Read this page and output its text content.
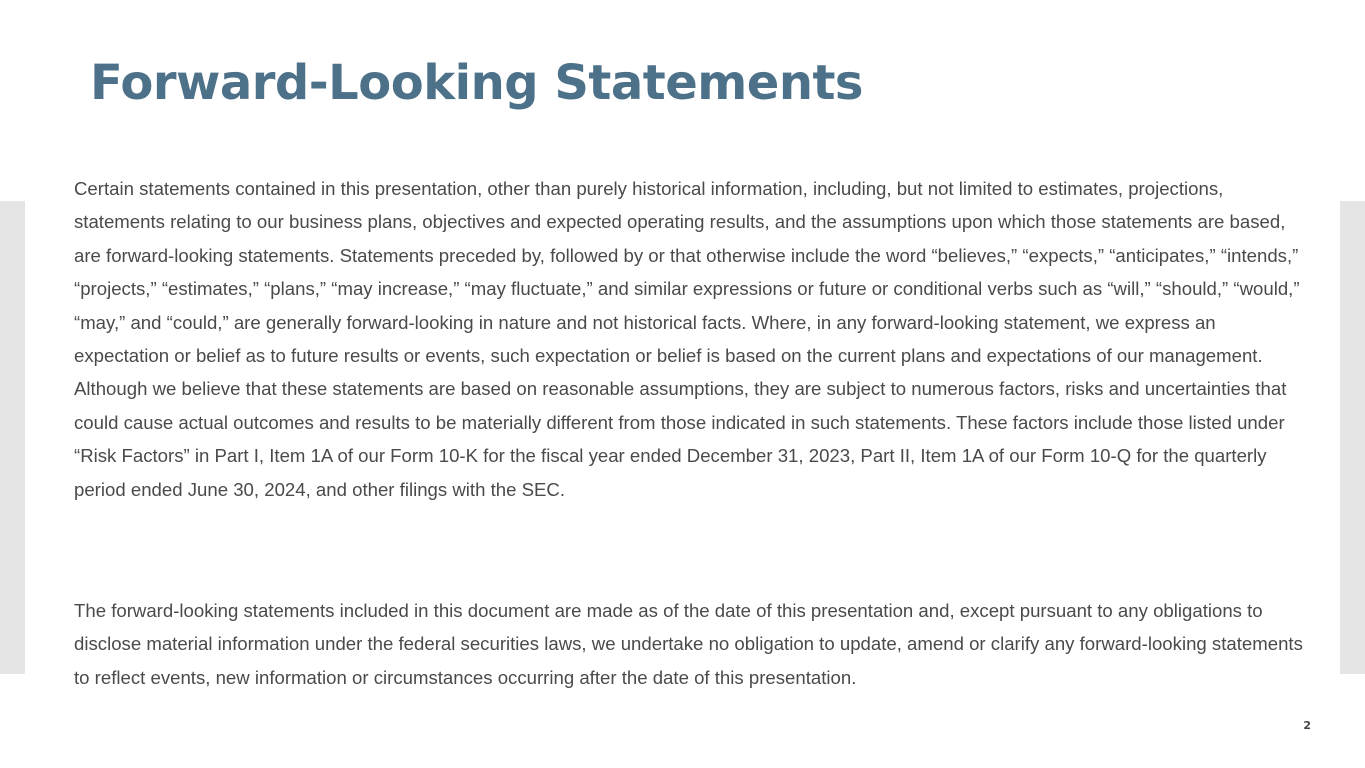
Forward-Looking Statements

Certain statements contained in this presentation, other than purely historical information, including, but not limited to estimates, projections, statements relating to our business plans, objectives and expected operating results, and the assumptions upon which those statements are based, are forward-looking statements. Statements preceded by, followed by or that otherwise include the word “believes,” “expects,” “anticipates,” “intends,” “projects,” “estimates,” “plans,” “may increase,” “may fluctuate,” and similar expressions or future or conditional verbs such as “will,” “should,” “would,” “may,” and “could,” are generally forward-looking in nature and not historical facts. Where, in any forward-looking statement, we express an expectation or belief as to future results or events, such expectation or belief is based on the current plans and expectations of our management. Although we believe that these statements are based on reasonable assumptions, they are subject to numerous factors, risks and uncertainties that could cause actual outcomes and results to be materially different from those indicated in such statements. These factors include those listed under “Risk Factors” in Part I, Item 1A of our Form 10-K for the fiscal year ended December 31, 2023, Part II, Item 1A of our Form 10-Q for the quarterly period ended June 30, 2024, and other filings with the SEC.

The forward-looking statements included in this document are made as of the date of this presentation and, except pursuant to any obligations to disclose material information under the federal securities laws, we undertake no obligation to update, amend or clarify any forward-looking statements to reflect events, new information or circumstances occurring after the date of this presentation.

2
